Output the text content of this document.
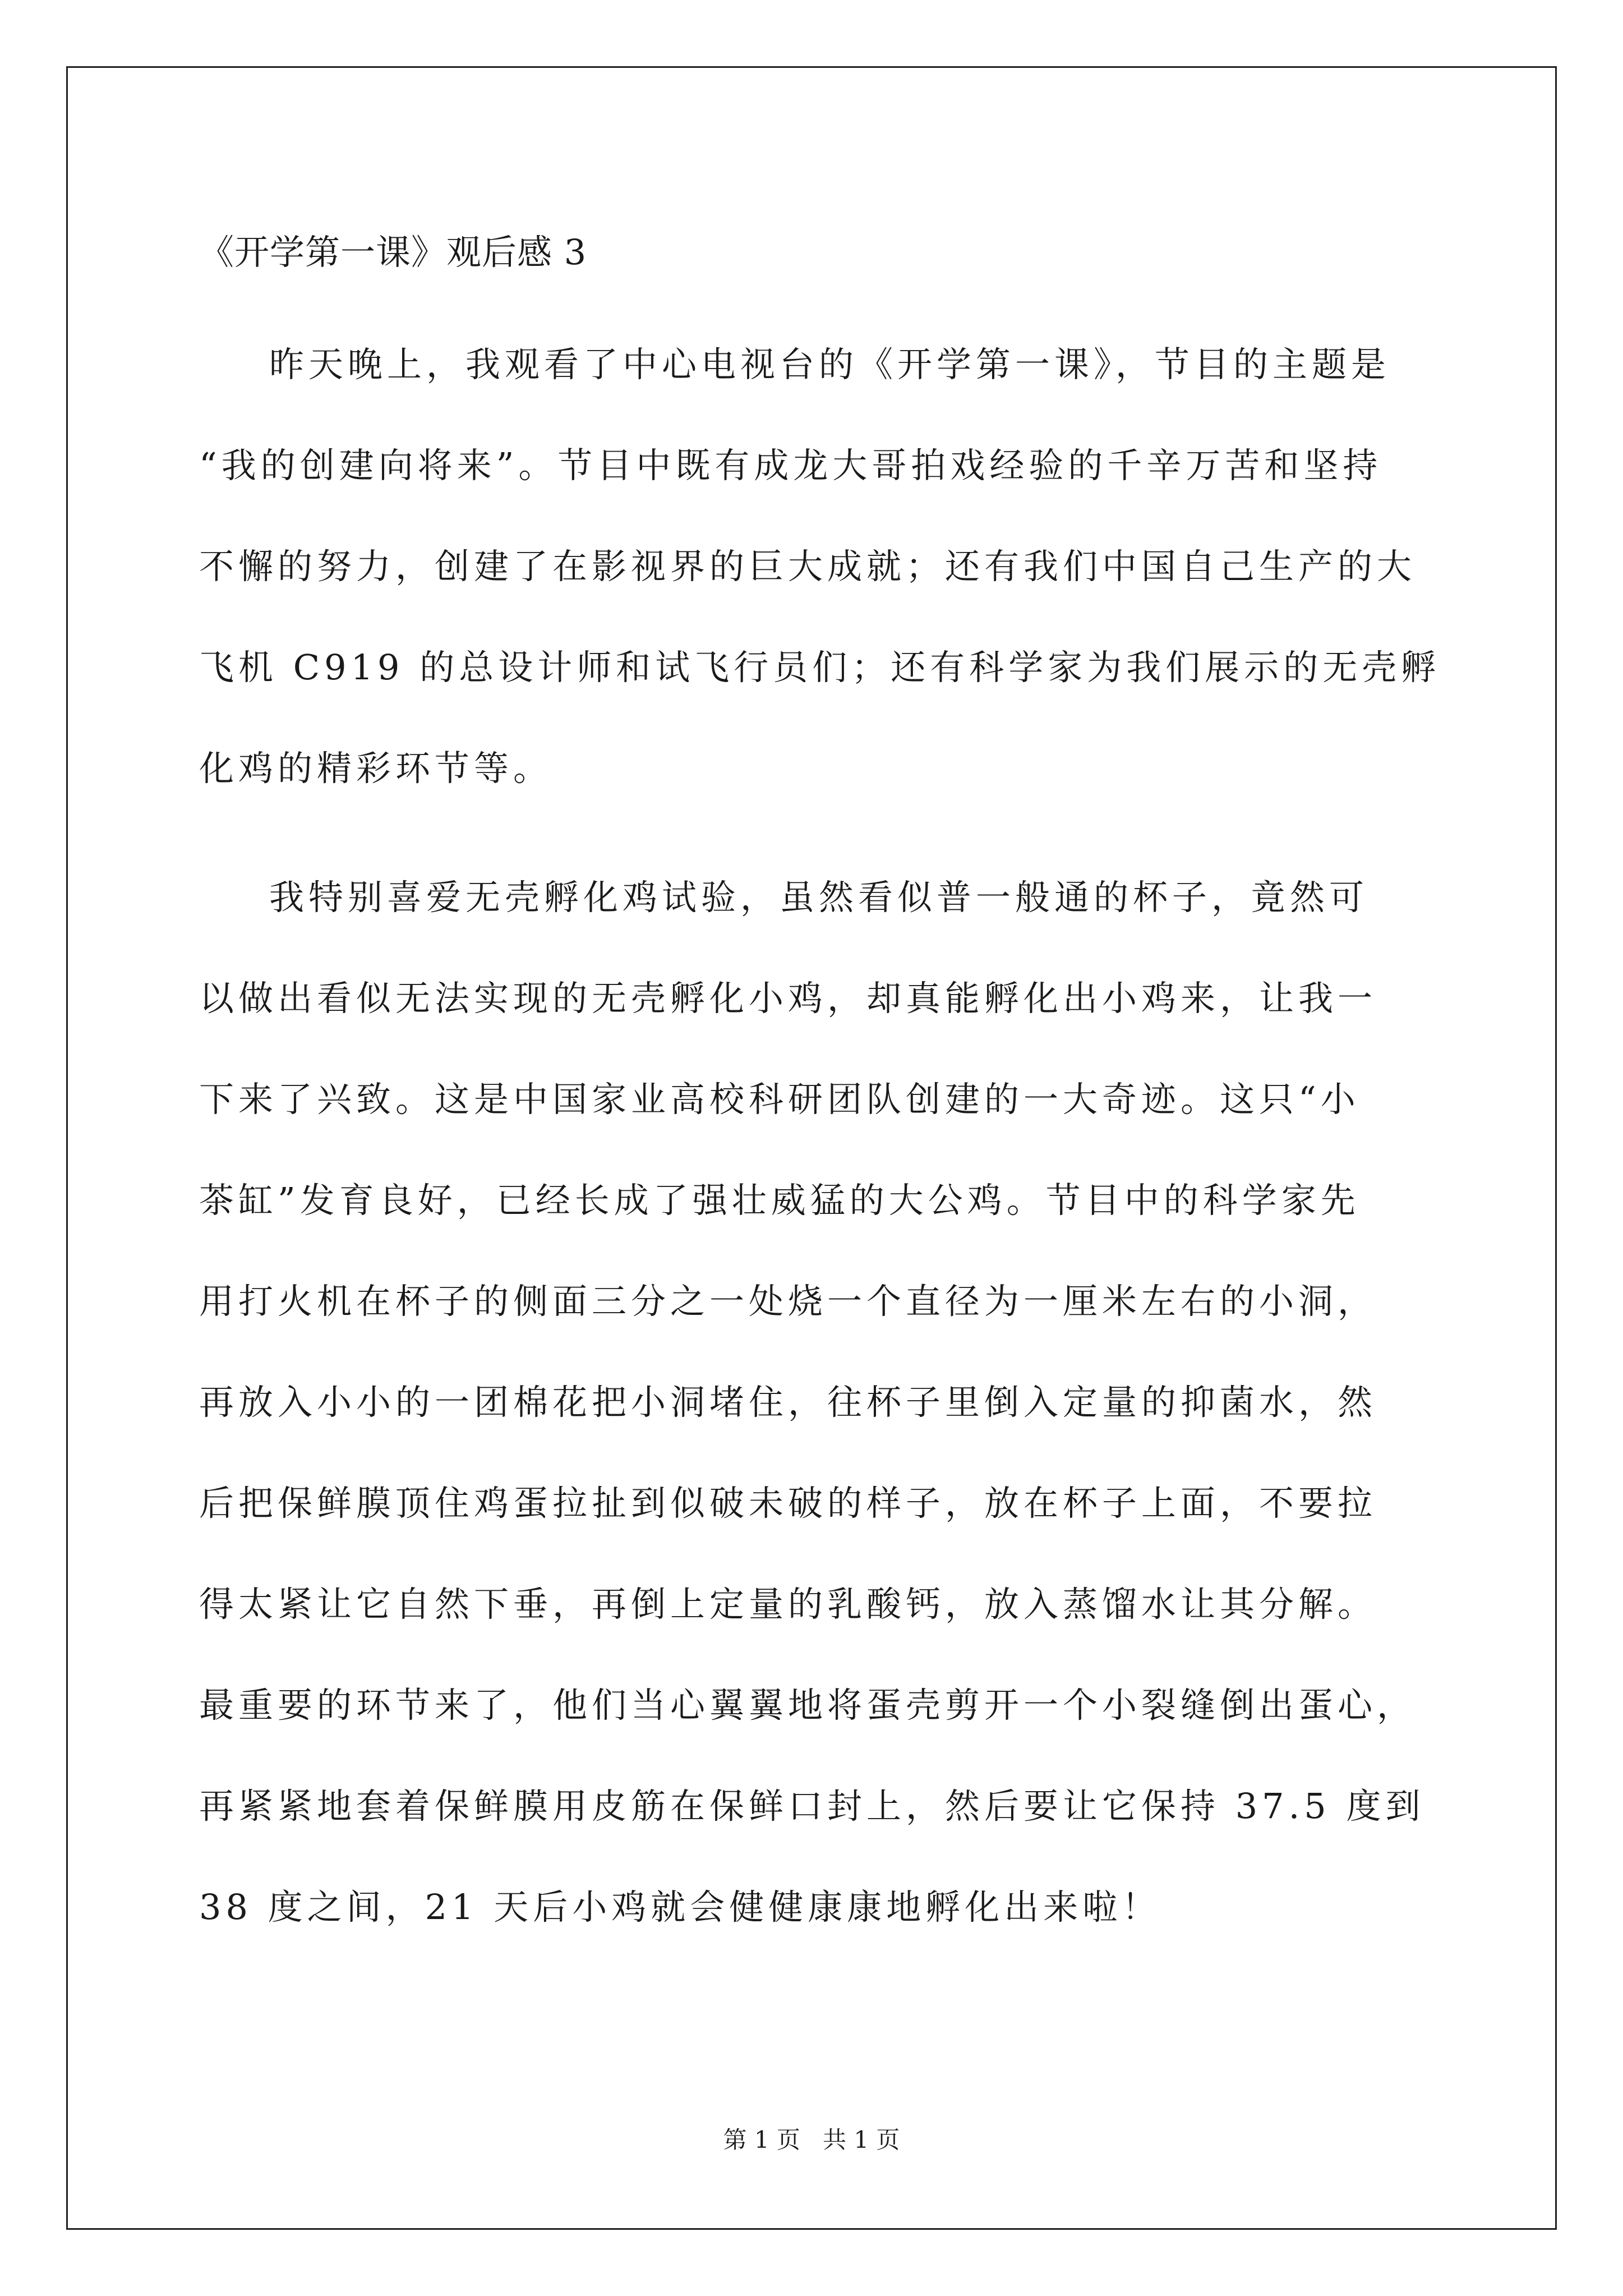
《开学第一课》观后感 3

昨天晚上，我观看了中心电视台的《开学第一课》，节目的主题是

“我的创建向将来”。节目中既有成龙大哥拍戏经验的千辛万苦和坚持

不懈的努力，创建了在影视界的巨大成就；还有我们中国自己生产的大

飞机 C919 的总设计师和试飞行员们；还有科学家为我们展示的无壳孵

化鸡的精彩环节等。

我特别喜爱无壳孵化鸡试验，虽然看似普一般通的杯子，竟然可

以做出看似无法实现的无壳孵化小鸡，却真能孵化出小鸡来，让我一

下来了兴致。这是中国家业高校科研团队创建的一大奇迹。这只“小

茶缸”发育良好，已经长成了强壮威猛的大公鸡。节目中的科学家先

用打火机在杯子的侧面三分之一处烧一个直径为一厘米左右的小洞，

再放入小小的一团棉花把小洞堵住，往杯子里倒入定量的抑菌水，然

后把保鲜膜顶住鸡蛋拉扯到似破未破的样子，放在杯子上面，不要拉

得太紧让它自然下垂，再倒上定量的乳酸钙，放入蒸馏水让其分解。

最重要的环节来了，他们当心翼翼地将蛋壳剪开一个小裂缝倒出蛋心，

再紧紧地套着保鲜膜用皮筋在保鲜口封上，然后要让它保持 37.5 度到

38 度之间，21 天后小鸡就会健健康康地孵化出来啦！

第 1 页 共 1 页
